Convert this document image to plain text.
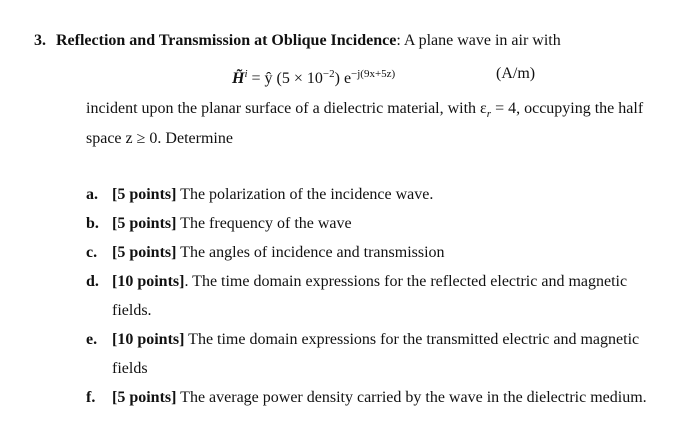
3. Reflection and Transmission at Oblique Incidence: A plane wave in air with
H̃$^i$ = ŷ $(5 \times 10^{-2})$ $e^{-j(9x+5z)}$	(A/m)
incident upon the planar surface of a dielectric material, with $\varepsilon_r = 4$, occupying the half
space z ≥ 0. Determine
a. [5 points] The polarization of the incidence wave.
b. [5 points] The frequency of the wave
c. [5 points] The angles of incidence and transmission
d. [10 points]. The time domain expressions for the reflected electric and magnetic
fields.
e. [10 points] The time domain expressions for the transmitted electric and magnetic
fields
f. [5 points] The average power density carried by the wave in the dielectric medium.
